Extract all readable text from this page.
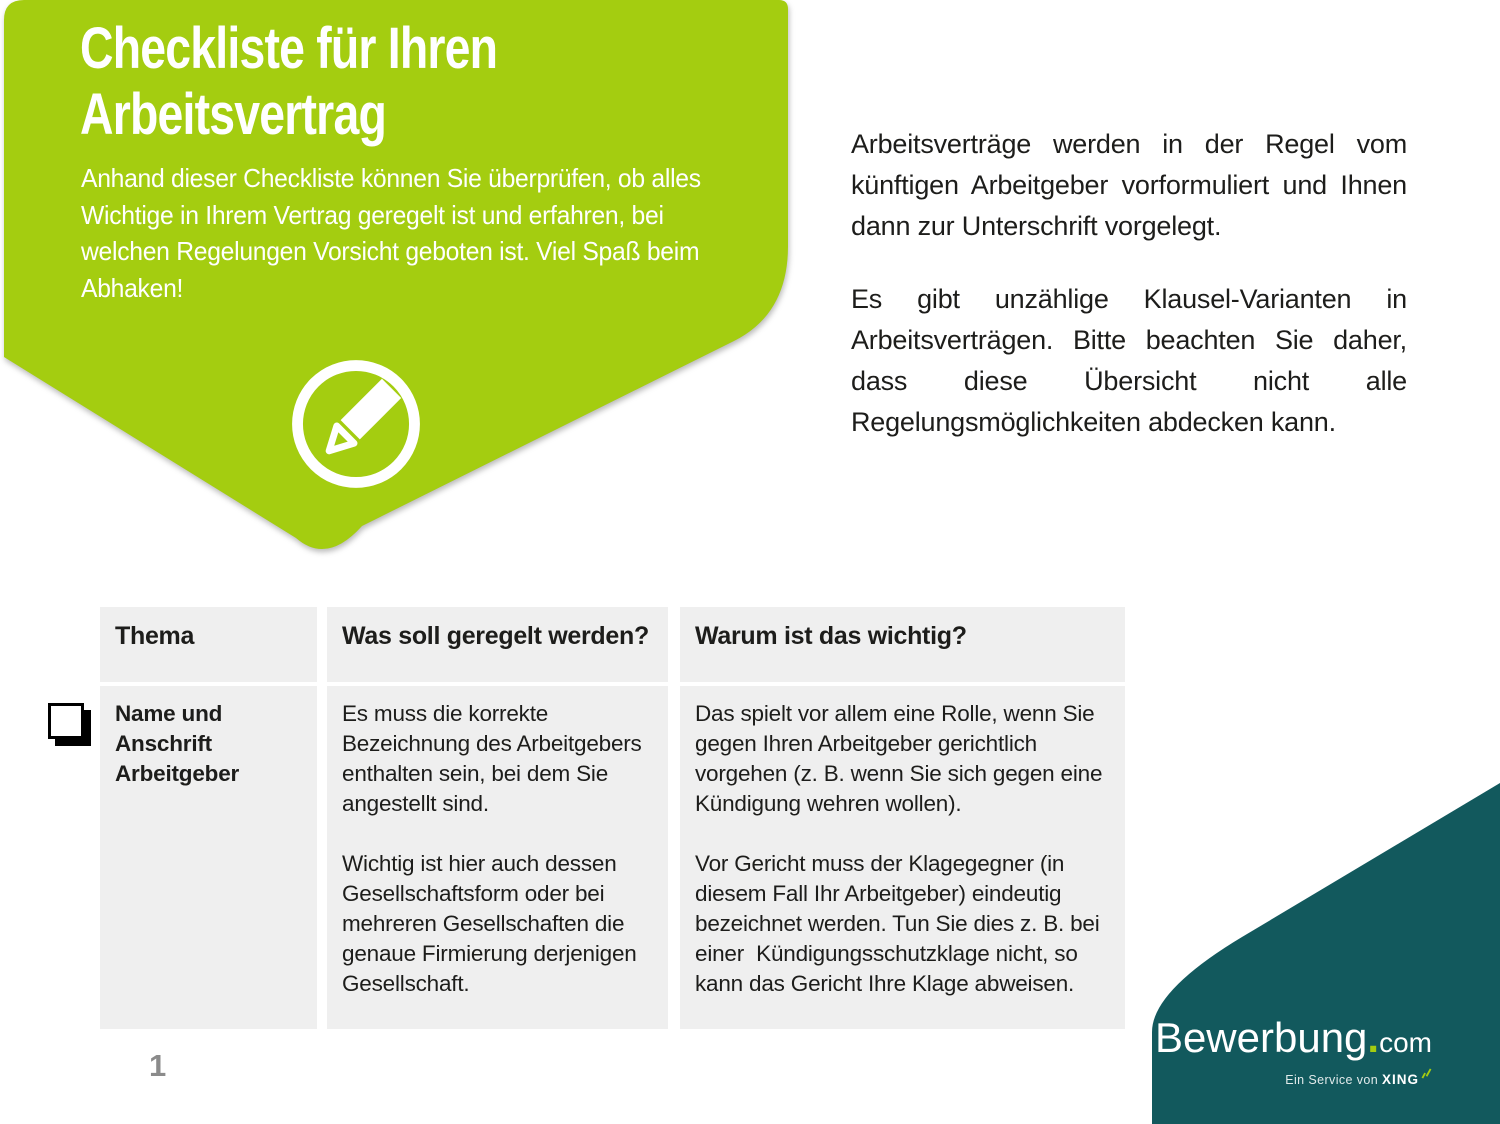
Checkliste für Ihren Arbeitsvertrag

Anhand dieser Checkliste können Sie überprüfen, ob alles Wichtige in Ihrem Vertrag geregelt ist und erfahren, bei welchen Regelungen Vorsicht geboten ist. Viel Spaß beim Abhaken!

Arbeitsverträge werden in der Regel vom künftigen Arbeitgeber vorformuliert und Ihnen dann zur Unterschrift vorgelegt.

Es gibt unzählige Klausel-Varianten in Arbeitsverträgen. Bitte beachten Sie daher, dass diese Übersicht nicht alle Regelungsmöglichkeiten abdecken kann.

Thema	Was soll geregelt werden?	Warum ist das wichtig?
Name und Anschrift Arbeitgeber

Es muss die korrekte Bezeichnung des Arbeitgebers enthalten sein, bei dem Sie angestellt sind.

Wichtig ist hier auch dessen Gesellschaftsform oder bei mehreren Gesellschaften die genaue Firmierung derjenigen Gesellschaft.

Das spielt vor allem eine Rolle, wenn Sie gegen Ihren Arbeitgeber gerichtlich vorgehen (z. B. wenn Sie sich gegen eine Kündigung wehren wollen).

Vor Gericht muss der Klagegegner (in diesem Fall Ihr Arbeitgeber) eindeutig bezeichnet werden. Tun Sie dies z. B. bei einer  Kündigungsschutzklage nicht, so kann das Gericht Ihre Klage abweisen.

1
Bewerbung.com
Ein Service von XING
